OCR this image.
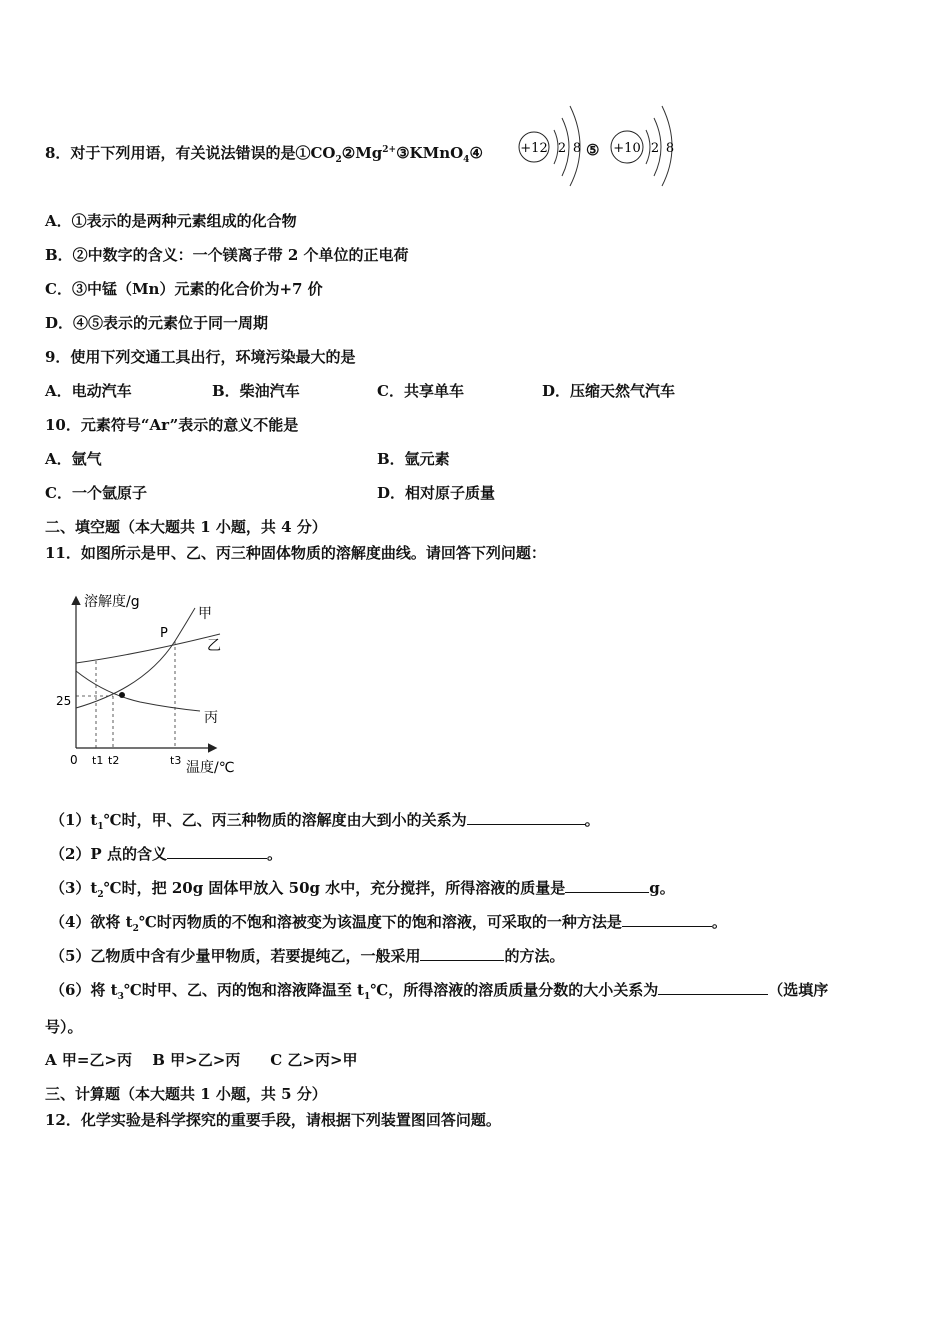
8．对于下列用语，有关说法错误的是$①CO_2②Mg^{2+}③KMnO_4④$	+12 2 8 ⑤ +10 2 8
A．①表示的是两种元素组成的化合物
B．②中数字的含义：一个镁离子带 2 个单位的正电荷
C．③中锰（Mn）元素的化合价为+7 价
D．④⑤表示的元素位于同一周期
9．使用下列交通工具出行，环境污染最大的是
A．电动汽车	B．柴油汽车	C．共享单车	D．压缩天然气汽车
10．元素符号“Ar”表示的意义不能是
A．氩气	B．氩元素
C．一个氩原子	D．相对原子质量
二、填空题（本大题共 1 小题，共 4 分）
11．如图所示是甲、乙、丙三种固体物质的溶解度曲线。请回答下列问题：
溶解度/g
温度/℃
0 t1 t2	t3
25
P
甲
乙
丙
$(1)t_1℃$时，甲、乙、丙三种物质的溶解度由大到小的关系为	。
（2）P 点的含义	。
$(3)t_2℃$时，把 20g 固体甲放入 50g 水中，充分搅拌，所得溶液的质量是	g。
（4）欲将 $t_2℃$时丙物质的不饱和溶被变为该温度下的饱和溶液，可采取的一种方法是	。
（5）乙物质中含有少量甲物质，若要提纯乙，一般采用	的方法。
（6）将 $t_3℃$时甲、乙、丙的饱和溶液降温至 $t_1℃$，所得溶液的溶质质量分数的大小关系为	（选填序
号）。
A 甲=乙>丙　 B 甲>乙>丙　　C 乙>丙>甲
三、计算题（本大题共 1 小题，共 5 分）
12．化学实验是科学探究的重要手段，请根据下列装置图回答问题。
